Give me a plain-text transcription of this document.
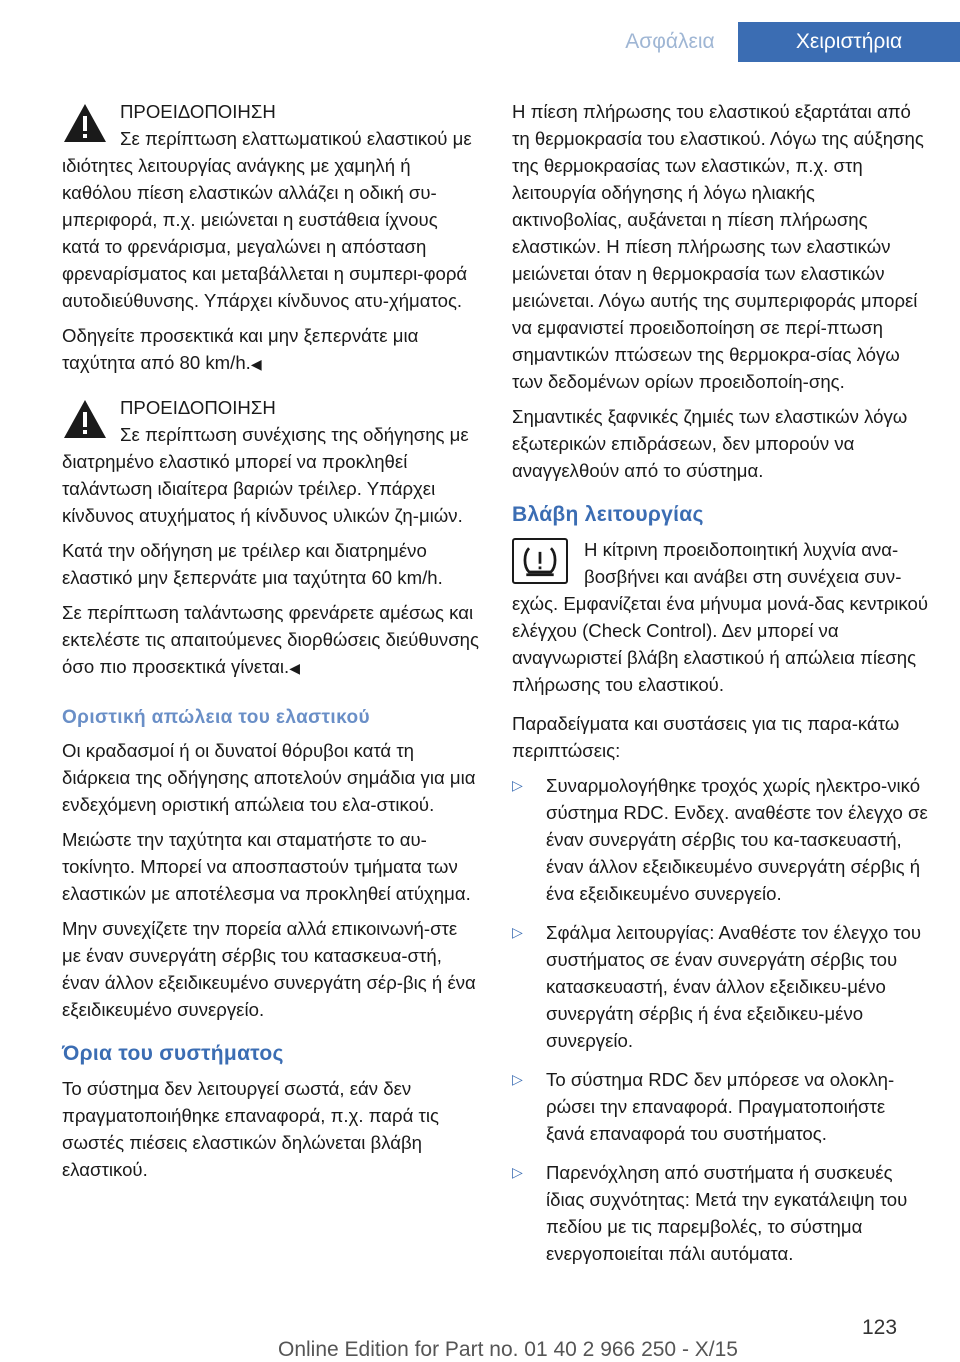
Ασφάλεια	Χειριστήρια
ΠΡΟΕΙΔΟΠΟΙΗΣΗ

Σε περίπτωση ελαττωματικού ελαστικού με ιδιότητες λειτουργίας ανάγκης με χαμηλή ή καθόλου πίεση ελαστικών αλλάζει η οδική συ‐μπεριφορά, π.χ. μειώνεται η ευστάθεια ίχνους κατά το φρενάρισμα, μεγαλώνει η απόσταση φρεναρίσματος και μεταβάλλεται η συμπερι‐φορά αυτοδιεύθυνσης. Υπάρχει κίνδυνος ατυ‐χήματος.

Οδηγείτε προσεκτικά και μην ξεπερνάτε μια ταχύτητα από 80 km/h.◀

ΠΡΟΕΙΔΟΠΟΙΗΣΗ

Σε περίπτωση συνέχισης της οδήγησης με διατρημένο ελαστικό μπορεί να προκληθεί ταλάντωση ιδιαίτερα βαριών τρέιλερ. Υπάρχει κίνδυνος ατυχήματος ή κίνδυνος υλικών ζη‐μιών.

Κατά την οδήγηση με τρέιλερ και διατρημένο ελαστικό μην ξεπερνάτε μια ταχύτητα 60 km/h.

Σε περίπτωση ταλάντωσης φρενάρετε αμέσως και εκτελέστε τις απαιτούμενες διορθώσεις διεύθυνσης όσο πιο προσεκτικά γίνεται.◀

Οριστική απώλεια του ελαστικού

Οι κραδασμοί ή οι δυνατοί θόρυβοι κατά τη διάρκεια της οδήγησης αποτελούν σημάδια για μια ενδεχόμενη οριστική απώλεια του ελα‐στικού.

Μειώστε την ταχύτητα και σταματήστε το αυ‐τοκίνητο. Μπορεί να αποσπαστούν τμήματα των ελαστικών με αποτέλεσμα να προκληθεί ατύχημα.

Μην συνεχίζετε την πορεία αλλά επικοινωνή‐στε με έναν συνεργάτη σέρβις του κατασκευα‐στή, έναν άλλον εξειδικευμένο συνεργάτη σέρ‐βις ή ένα εξειδικευμένο συνεργείο.

Όρια του συστήματος

Το σύστημα δεν λειτουργεί σωστά, εάν δεν πραγματοποιήθηκε επαναφορά, π.χ. παρά τις σωστές πιέσεις ελαστικών δηλώνεται βλάβη ελαστικού.

Η πίεση πλήρωσης του ελαστικού εξαρτάται από τη θερμοκρασία του ελαστικού. Λόγω της αύξησης της θερμοκρασίας των ελαστικών, π.χ. στη λειτουργία οδήγησης ή λόγω ηλιακής ακτινοβολίας, αυξάνεται η πίεση πλήρωσης ελαστικών. Η πίεση πλήρωσης των ελαστικών μειώνεται όταν η θερμοκρασία των ελαστικών μειώνεται. Λόγω αυτής της συμπεριφοράς μπορεί να εμφανιστεί προειδοποίηση σε περί‐πτωση σημαντικών πτώσεων της θερμοκρα‐σίας λόγω των δεδομένων ορίων προειδοποίη‐σης.

Σημαντικές ξαφνικές ζημιές των ελαστικών λόγω εξωτερικών επιδράσεων, δεν μπορούν να αναγγελθούν από το σύστημα.

Βλάβη λειτουργίας

Η κίτρινη προειδοποιητική λυχνία ανα‐βοσβήνει και ανάβει στη συνέχεια συν‐εχώς. Εμφανίζεται ένα μήνυμα μονά‐δας κεντρικού ελέγχου (Check Control). Δεν μπορεί να αναγνωριστεί βλάβη ελαστικού ή απώλεια πίεσης πλήρωσης του ελαστικού.

Παραδείγματα και συστάσεις για τις παρα‐κάτω περιπτώσεις:

▷ Συναρμολογήθηκε τροχός χωρίς ηλεκτρο‐νικό σύστημα RDC. Ενδεχ. αναθέστε τον έλεγχο σε έναν συνεργάτη σέρβις του κα‐τασκευαστή, έναν άλλον εξειδικευμένο συνεργάτη σέρβις ή ένα εξειδικευμένο συνεργείο.
▷ Σφάλμα λειτουργίας: Αναθέστε τον έλεγχο του συστήματος σε έναν συνεργάτη σέρβις του κατασκευαστή, έναν άλλον εξειδικευ‐μένο συνεργάτη σέρβις ή ένα εξειδικευ‐μένο συνεργείο.
▷ Το σύστημα RDC δεν μπόρεσε να ολοκλη‐ρώσει την επαναφορά. Πραγματοποιήστε ξανά επαναφορά του συστήματος.
▷ Παρενόχληση από συστήματα ή συσκευές ίδιας συχνότητας: Μετά την εγκατάλειψη του πεδίου με τις παρεμβολές, το σύστημα ενεργοποιείται πάλι αυτόματα.
123
Online Edition for Part no. 01 40 2 966 250 - X/15
